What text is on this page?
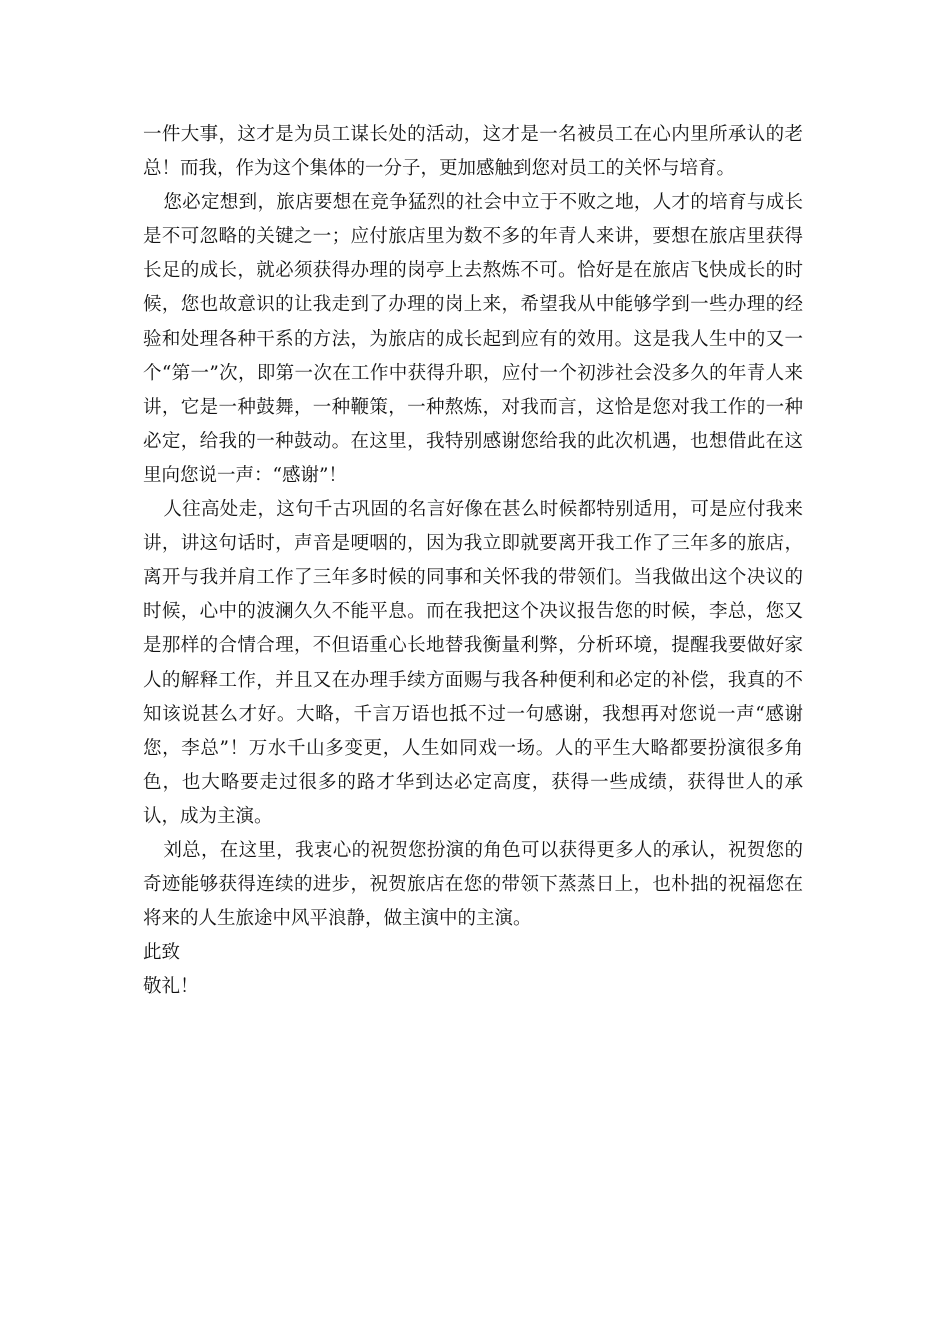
一件大事，这才是为员工谋长处的活动，这才是一名被员工在心内里所承认的老总！而我，作为这个集体的一分子，更加感触到您对员工的关怀与培育。

您必定想到，旅店要想在竞争猛烈的社会中立于不败之地，人才的培育与成长是不可忽略的关键之一；应付旅店里为数不多的年青人来讲，要想在旅店里获得长足的成长，就必须获得办理的岗亭上去熬炼不可。恰好是在旅店飞快成长的时候，您也故意识的让我走到了办理的岗上来，希望我从中能够学到一些办理的经验和处理各种干系的方法，为旅店的成长起到应有的效用。这是我人生中的又一个“第一”次，即第一次在工作中获得升职，应付一个初涉社会没多久的年青人来讲，它是一种鼓舞，一种鞭策，一种熬炼，对我而言，这恰是您对我工作的一种必定，给我的一种鼓动。在这里，我特别感谢您给我的此次机遇，也想借此在这里向您说一声：“感谢”！

人往高处走，这句千古巩固的名言好像在甚么时候都特别适用，可是应付我来讲，讲这句话时，声音是哽咽的，因为我立即就要离开我工作了三年多的旅店，离开与我并肩工作了三年多时候的同事和关怀我的带领们。当我做出这个决议的时候，心中的波澜久久不能平息。而在我把这个决议报告您的时候，李总，您又是那样的合情合理，不但语重心长地替我衡量利弊，分析环境，提醒我要做好家人的解释工作，并且又在办理手续方面赐与我各种便利和必定的补偿，我真的不知该说甚么才好。大略，千言万语也抵不过一句感谢，我想再对您说一声“感谢您，李总”！万水千山多变更，人生如同戏一场。人的平生大略都要扮演很多角色，也大略要走过很多的路才华到达必定高度，获得一些成绩，获得世人的承认，成为主演。

刘总，在这里，我衷心的祝贺您扮演的角色可以获得更多人的承认，祝贺您的奇迹能够获得连续的进步，祝贺旅店在您的带领下蒸蒸日上，也朴拙的祝福您在将来的人生旅途中风平浪静，做主演中的主演。

此致

敬礼！
